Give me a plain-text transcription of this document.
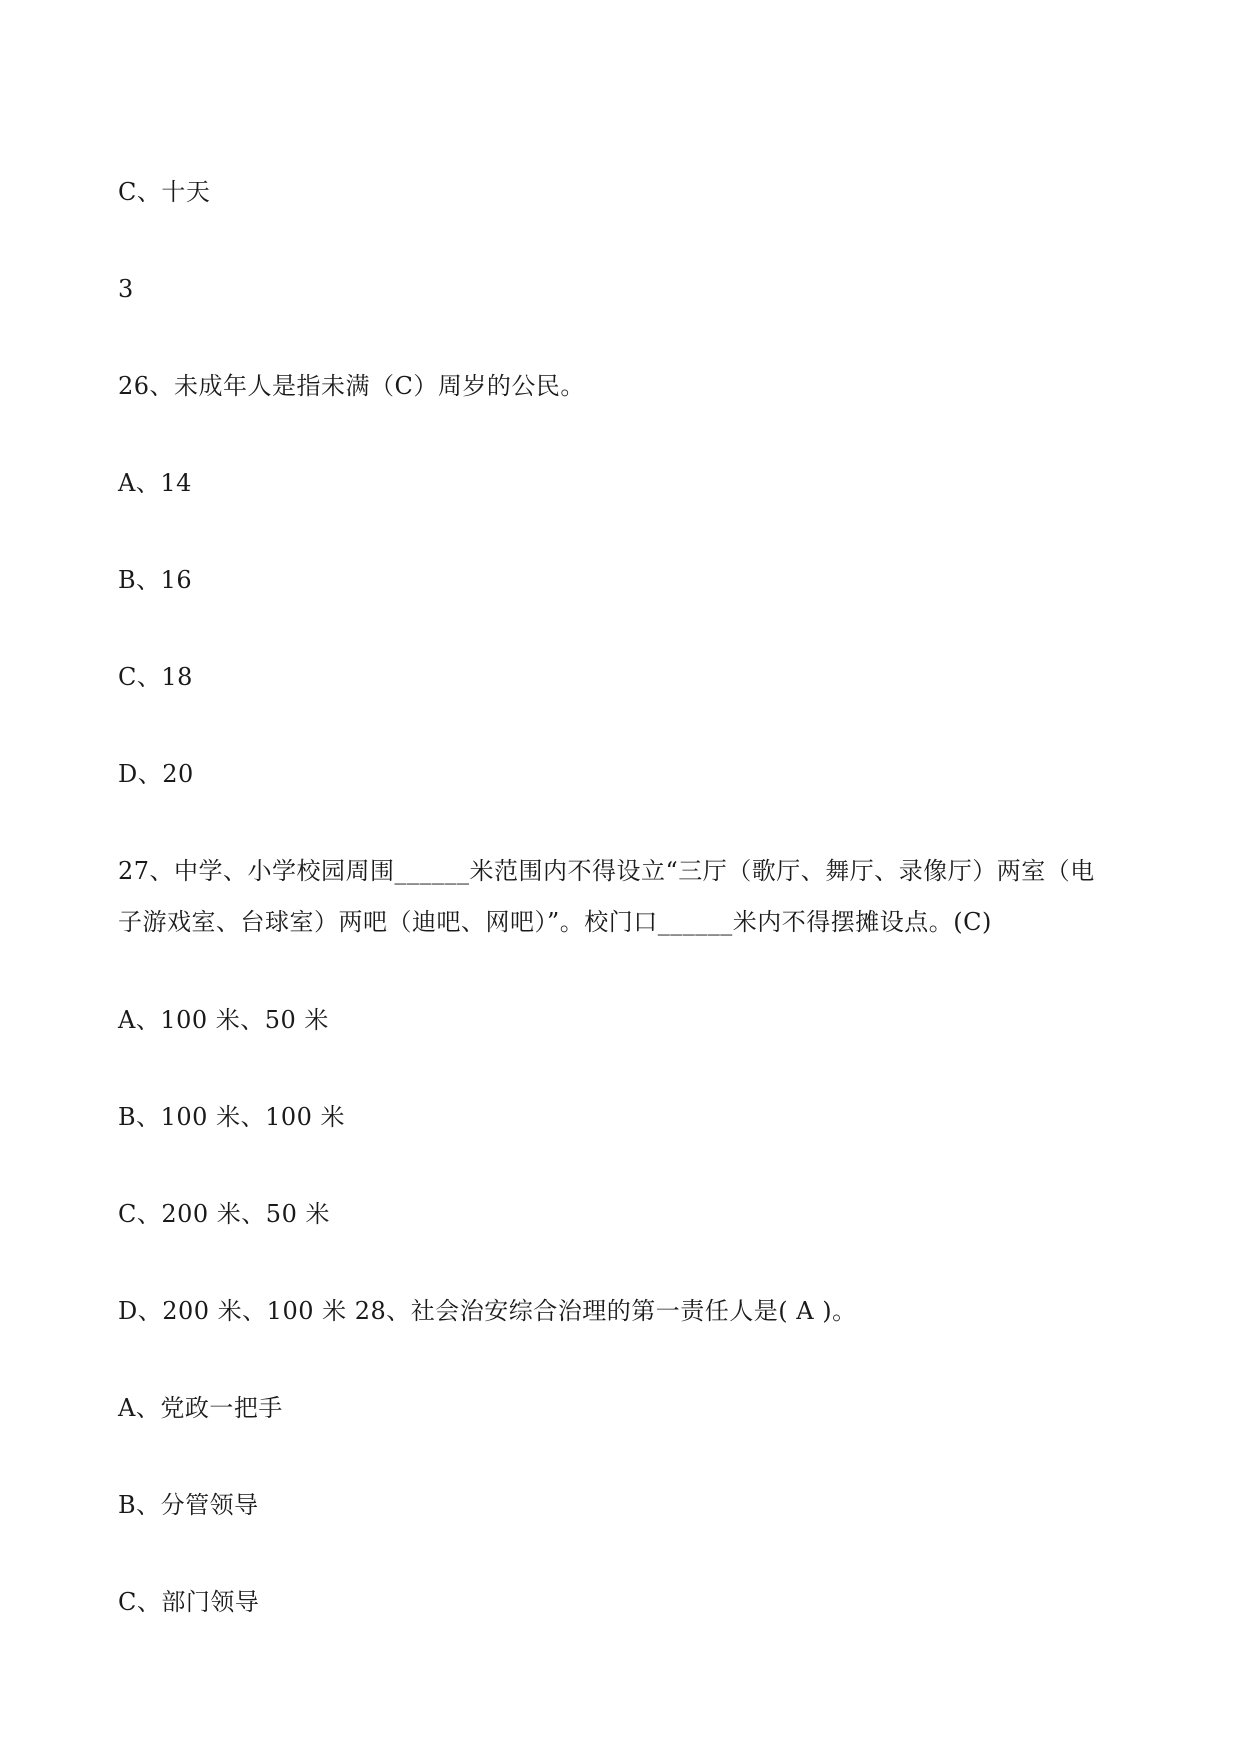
C、十天
3
26、未成年人是指未满（C）周岁的公民。
A、14
B、16
C、18
D、20
27、中学、小学校园周围______米范围内不得设立“三厅（歌厅、舞厅、录像厅）两室（电
子游戏室、台球室）两吧（迪吧、网吧）”。校门口______米内不得摆摊设点。(C)
A、100 米、50 米
B、100 米、100 米
C、200 米、50 米
D、200 米、100 米 28、社会治安综合治理的第一责任人是( A )。
A、党政一把手
B、分管领导
C、部门领导
